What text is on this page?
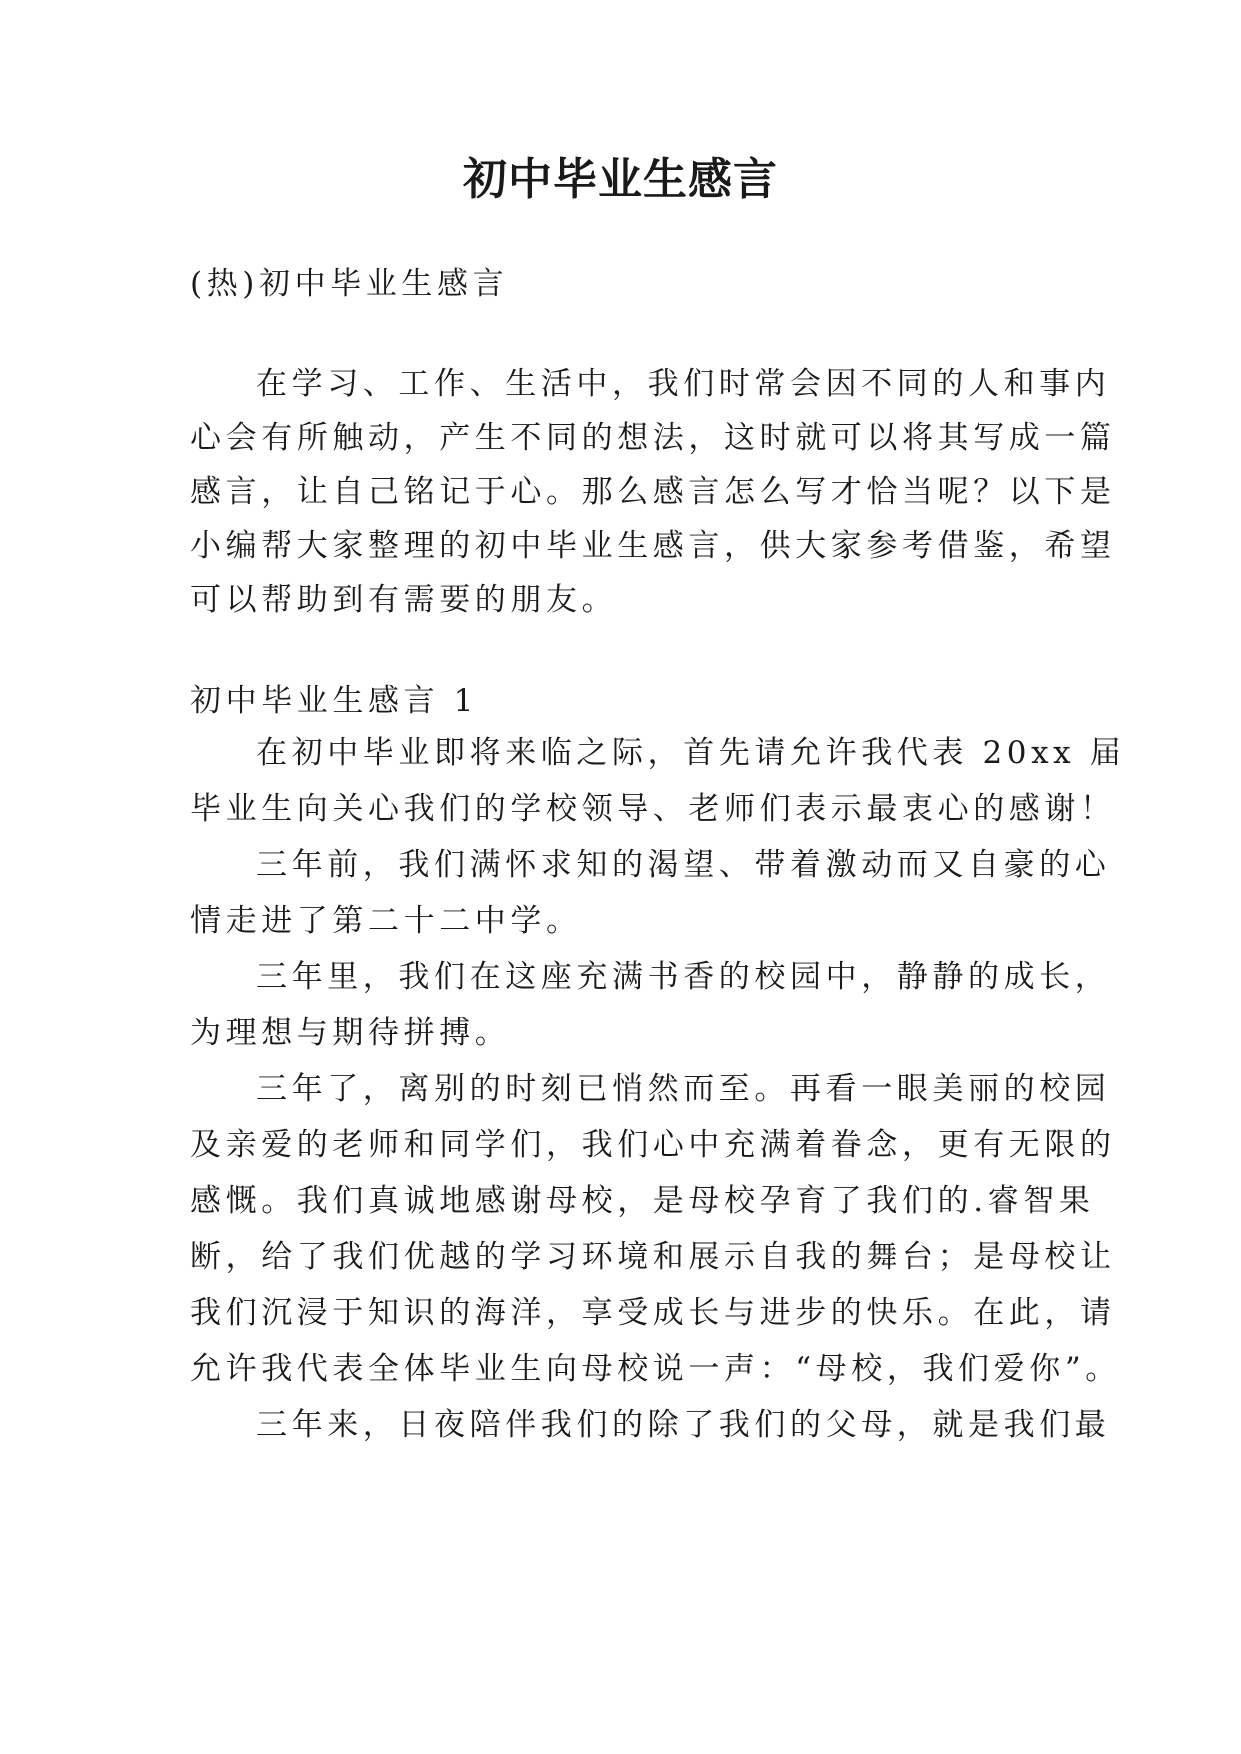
初中毕业生感言
(热)初中毕业生感言
在学习、工作、生活中，我们时常会因不同的人和事内
心会有所触动，产生不同的想法，这时就可以将其写成一篇
感言，让自己铭记于心。那么感言怎么写才恰当呢？以下是
小编帮大家整理的初中毕业生感言，供大家参考借鉴，希望
可以帮助到有需要的朋友。
初中毕业生感言 1
在初中毕业即将来临之际，首先请允许我代表 20xx 届
毕业生向关心我们的学校领导、老师们表示最衷心的感谢！
三年前，我们满怀求知的渴望、带着激动而又自豪的心
情走进了第二十二中学。
三年里，我们在这座充满书香的校园中，静静的成长，
为理想与期待拼搏。
三年了，离别的时刻已悄然而至。再看一眼美丽的校园
及亲爱的老师和同学们，我们心中充满着眷念，更有无限的
感慨。我们真诚地感谢母校，是母校孕育了我们的.睿智果
断，给了我们优越的学习环境和展示自我的舞台；是母校让
我们沉浸于知识的海洋，享受成长与进步的快乐。在此，请
允许我代表全体毕业生向母校说一声：“母校，我们爱你”。
三年来，日夜陪伴我们的除了我们的父母，就是我们最
